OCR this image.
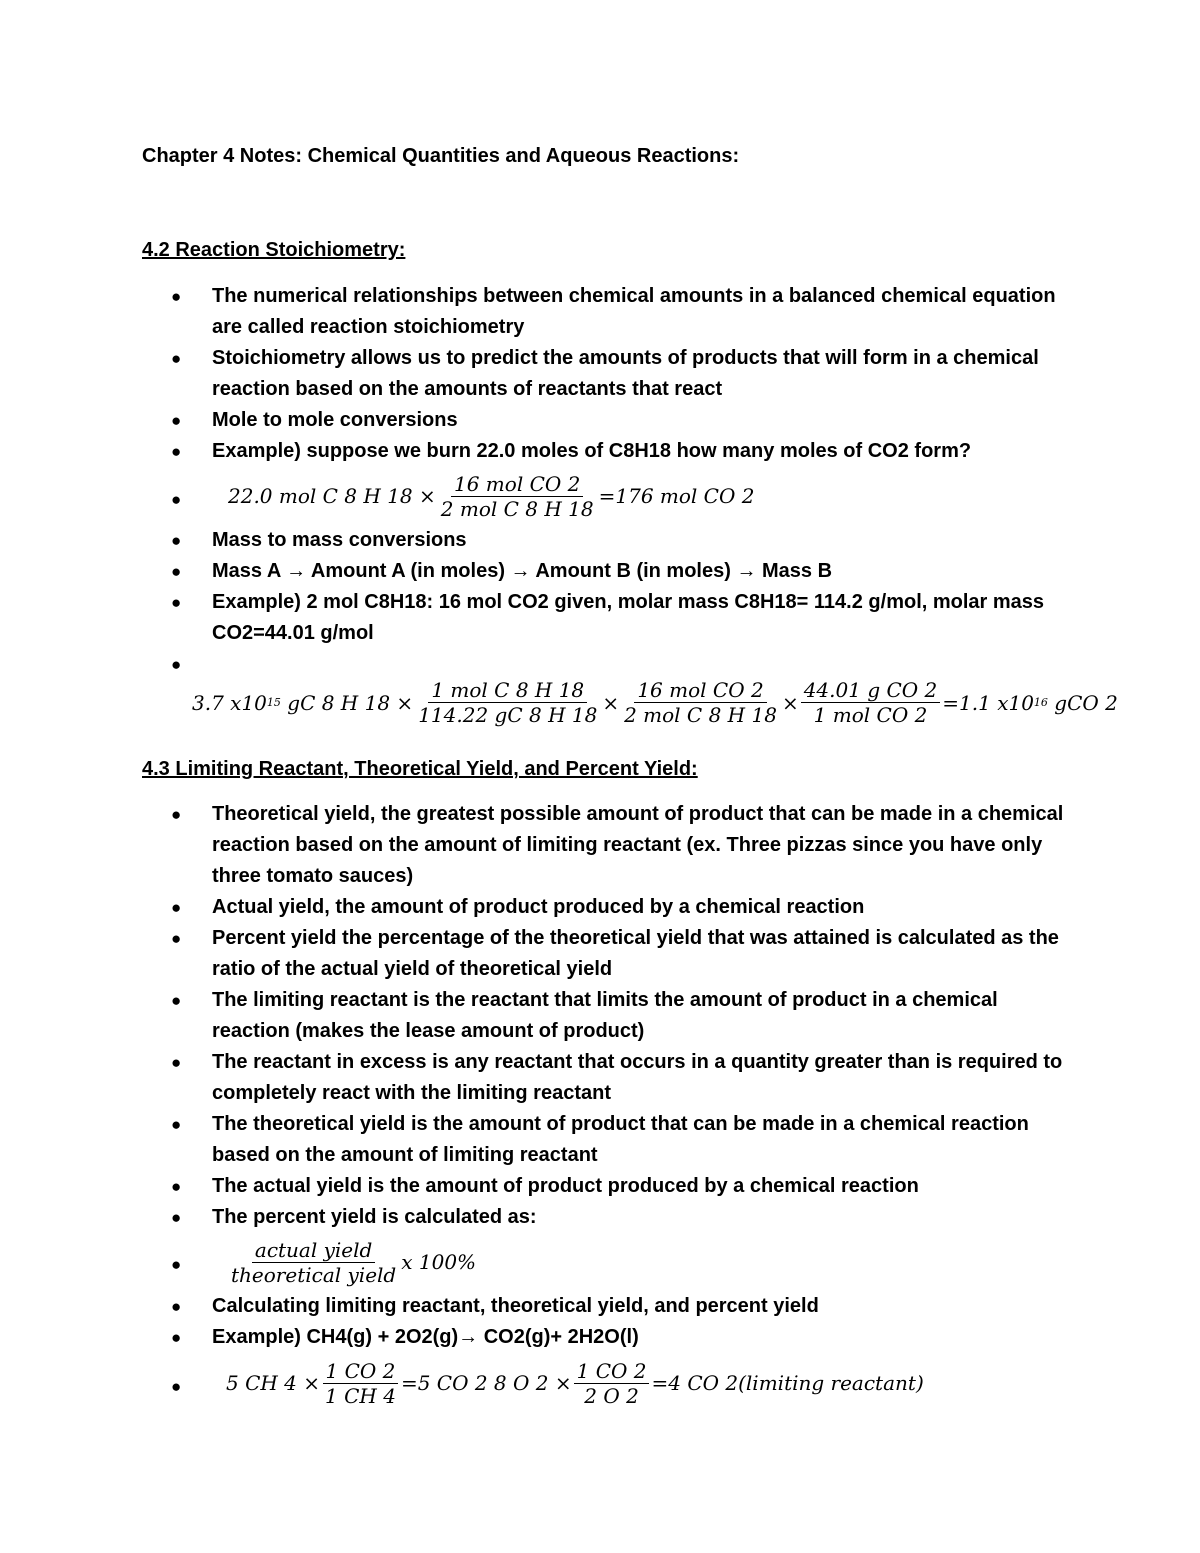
Chapter 4 Notes: Chemical Quantities and Aqueous Reactions:
4.2 Reaction Stoichiometry:
● The numerical relationships between chemical amounts in a balanced chemical equation are called reaction stoichiometry
● Stoichiometry allows us to predict the amounts of products that will form in a chemical reaction based on the amounts of reactants that react
● Mole to mole conversions
● Example) suppose we burn 22.0 moles of C8H18 how many moles of CO2 form?
● 22.0 mol C 8 H $18 \times \frac{\text{16 mol CO 2}}{\text{2 mol C 8 H 18}} =176$ mol CO 2
● Mass to mass conversions
● Mass A → Amount A (in moles) → Amount B (in moles) → Mass B
● Example) 2 mol C8H18: 16 mol CO2 given, molar mass C8H18= 114.2 g/mol, molar mass CO2=44.01 g/mol
●

3.7 x10 15
gC 8 H $18 \times \frac{\text{1 mol C 8 H 18}}{114.22 gC 8 H 18} \times \frac{\text{16 mol CO 2}}{\text{2 mol C 8 H 18}} \times \frac{\text{44.01 g CO 2}}{\text{1 mol CO 2}} =1.1$ x10 16
gCO 2
4.3 Limiting Reactant, Theoretical Yield, and Percent Yield:
● Theoretical yield, the greatest possible amount of product that can be made in a chemical reaction based on the amount of limiting reactant (ex. Three pizzas since you have only three tomato sauces)
● Actual yield, the amount of product produced by a chemical reaction
● Percent yield the percentage of the theoretical yield that was attained is calculated as the ratio of the actual yield of theoretical yield
● The limiting reactant is the reactant that limits the amount of product in a chemical reaction (makes the lease amount of product)
● The reactant in excess is any reactant that occurs in a quantity greater than is required to completely react with the limiting reactant
● The theoretical yield is the amount of product that can be made in a chemical reaction based on the amount of limiting reactant
● The actual yield is the amount of product produced by a chemical reaction
● The percent yield is calculated as:
● $\frac{\text{actual yield}}{\text{theoretical yield}}$ x 100%
● Calculating limiting reactant, theoretical yield, and percent yield
● Example) CH4(g) + 2O2(g)→ CO2(g)+ 2H2O(l)
● 5 CH $4 \times \frac{1 CO 2}{1 CH 4} =5$ CO 2 8 O $2 \times \frac{1 CO 2}{2 O 2} =4$ CO 2(limiting reactant)
